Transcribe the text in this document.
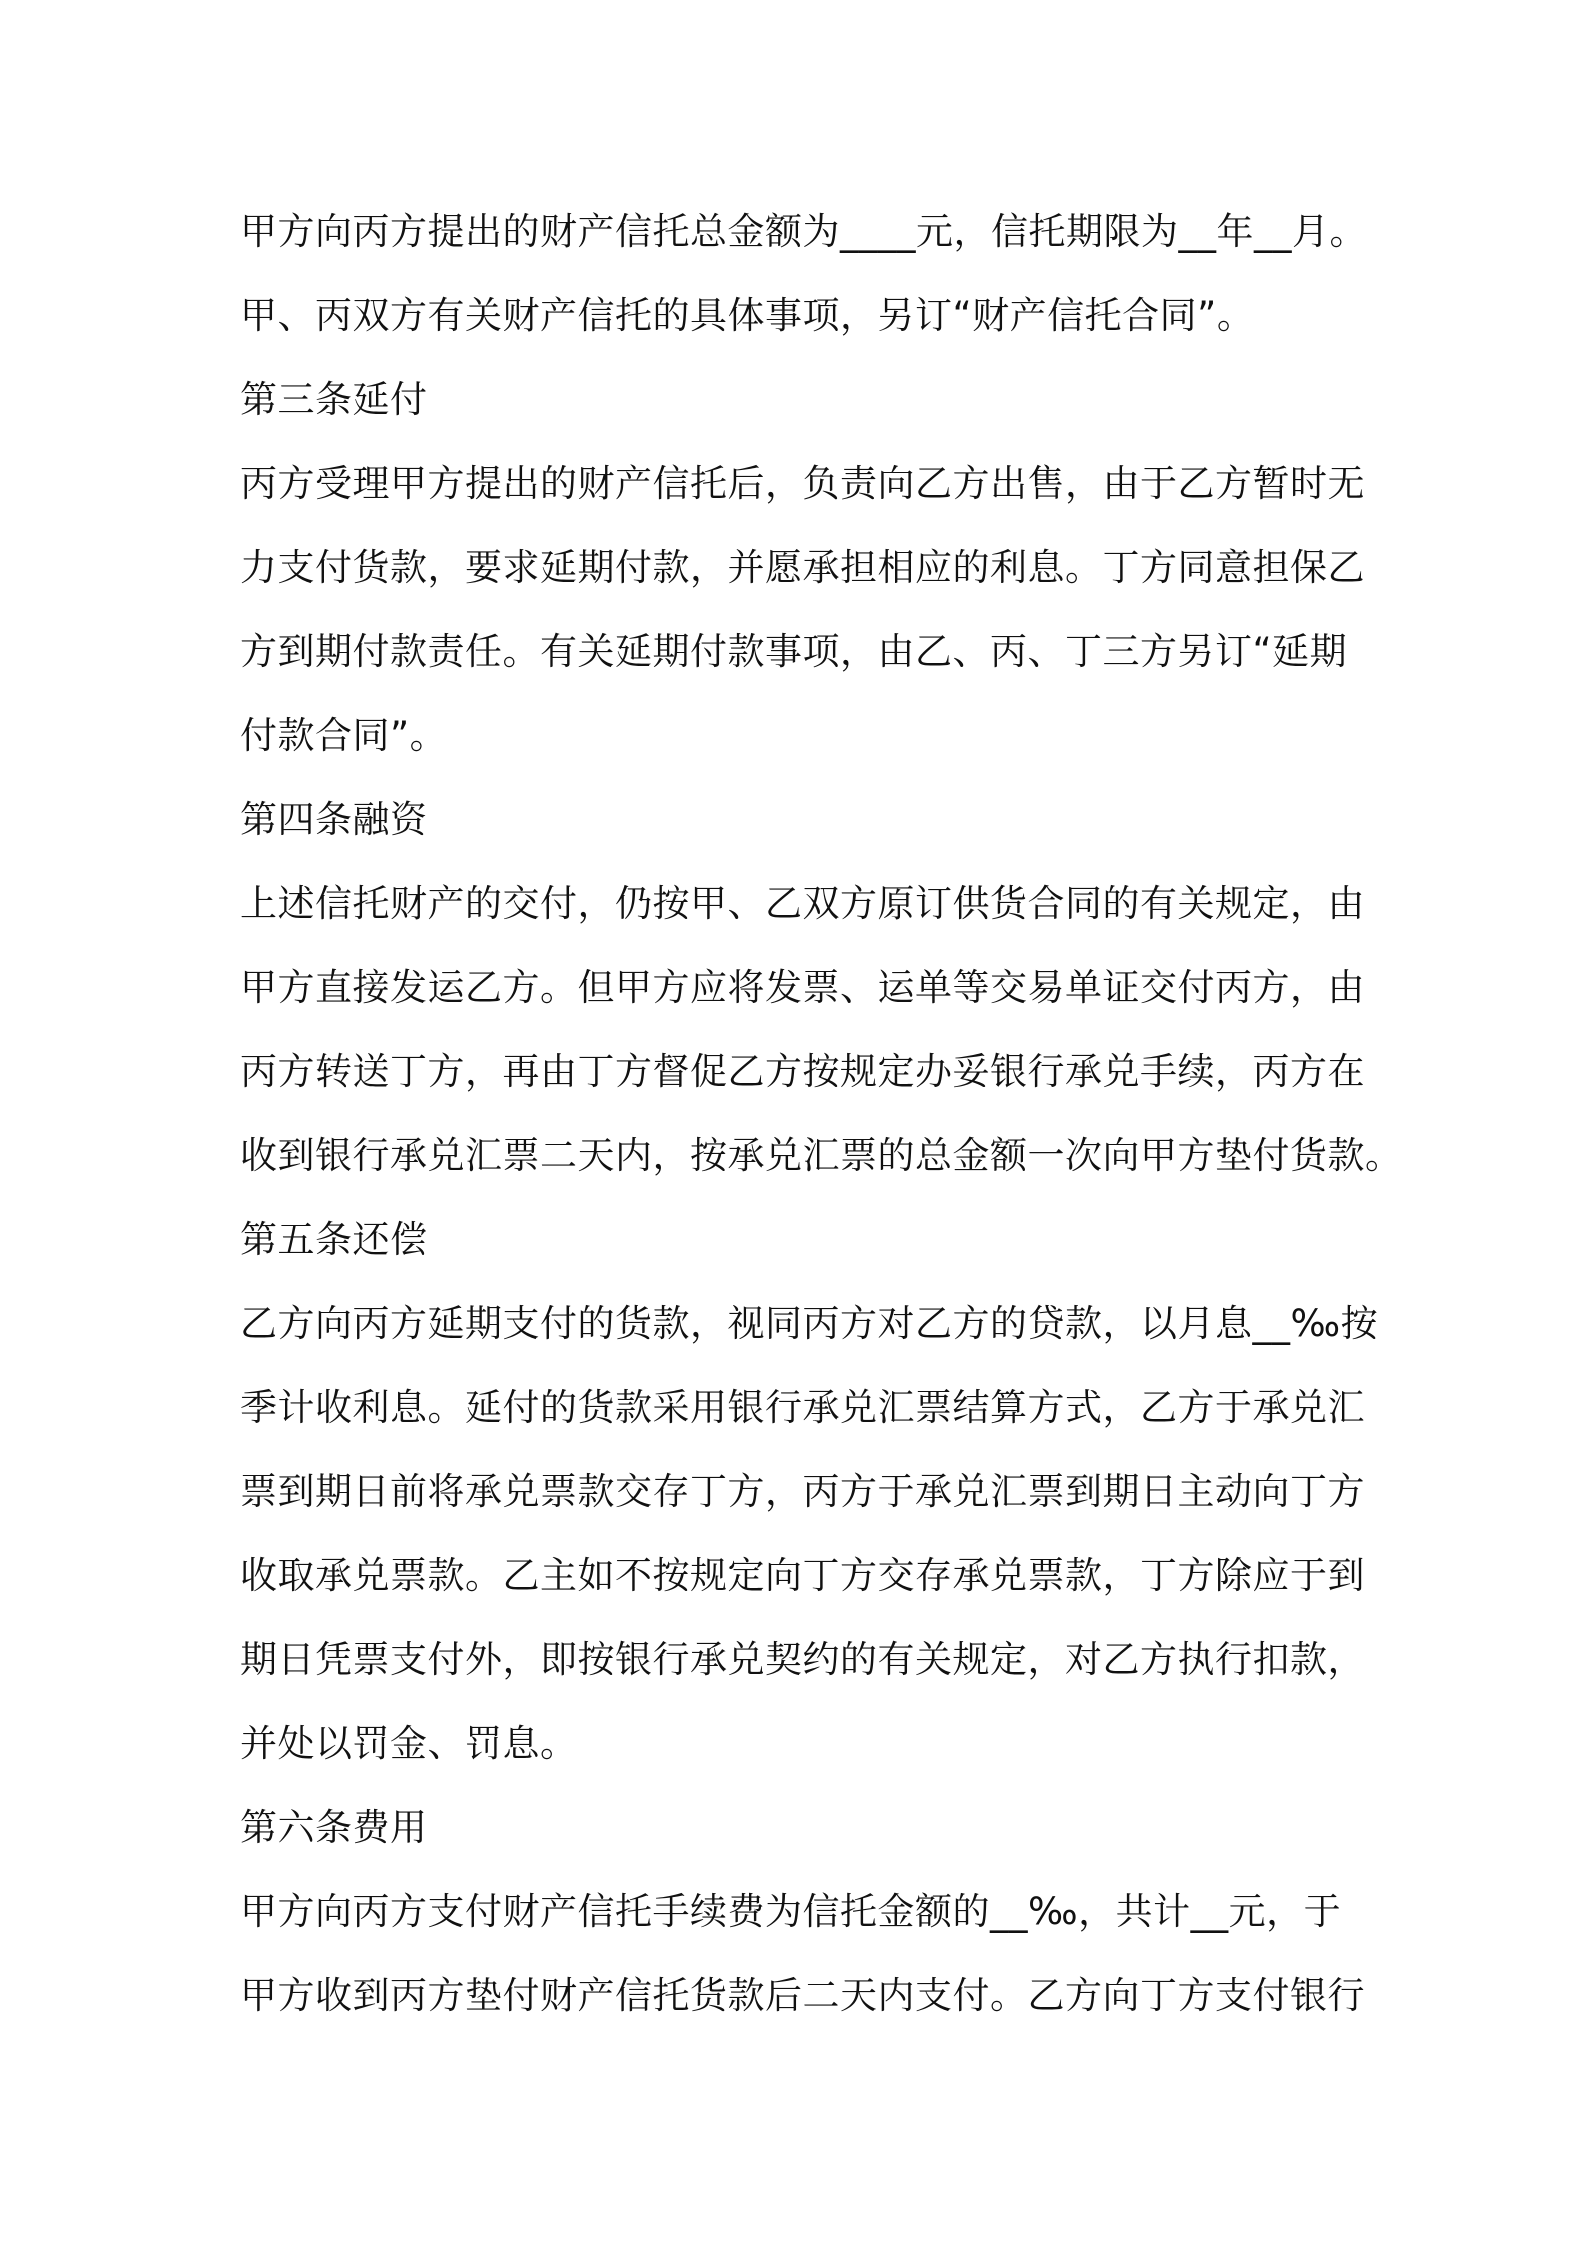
甲方向丙方提出的财产信托总金额为____元，信托期限为__年__月。
甲、丙双方有关财产信托的具体事项，另订“财产信托合同”。
第三条延付
丙方受理甲方提出的财产信托后，负责向乙方出售，由于乙方暂时无
力支付货款，要求延期付款，并愿承担相应的利息。丁方同意担保乙
方到期付款责任。有关延期付款事项，由乙、丙、丁三方另订“延期
付款合同”。
第四条融资
上述信托财产的交付，仍按甲、乙双方原订供货合同的有关规定，由
甲方直接发运乙方。但甲方应将发票、运单等交易单证交付丙方，由
丙方转送丁方，再由丁方督促乙方按规定办妥银行承兑手续，丙方在
收到银行承兑汇票二天内，按承兑汇票的总金额一次向甲方垫付货款。
第五条还偿
乙方向丙方延期支付的货款，视同丙方对乙方的贷款，以月息__‰按
季计收利息。延付的货款采用银行承兑汇票结算方式，乙方于承兑汇
票到期日前将承兑票款交存丁方，丙方于承兑汇票到期日主动向丁方
收取承兑票款。乙主如不按规定向丁方交存承兑票款，丁方除应于到
期日凭票支付外，即按银行承兑契约的有关规定，对乙方执行扣款，
并处以罚金、罚息。
第六条费用
甲方向丙方支付财产信托手续费为信托金额的__‰，共计__元，于
甲方收到丙方垫付财产信托货款后二天内支付。乙方向丁方支付银行
